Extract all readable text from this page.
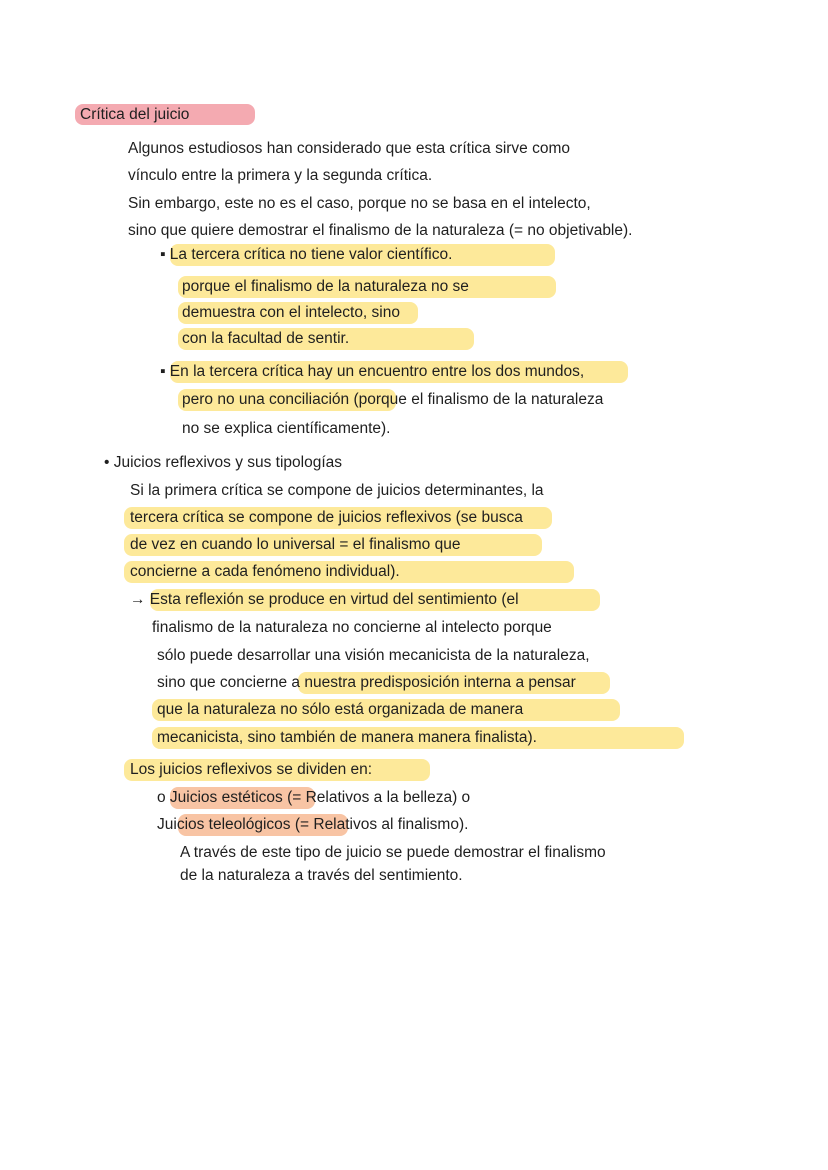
Crítica del juicio
Algunos estudiosos han considerado que esta crítica sirve como
vínculo entre la primera y la segunda crítica.
Sin embargo, este no es el caso, porque no se basa en el intelecto,
sino que quiere demostrar el finalismo de la naturaleza (= no objetivable).
▪ La tercera crítica no tiene valor científico.
porque el finalismo de la naturaleza no se
demuestra con el intelecto, sino
con la facultad de sentir.
▪ En la tercera crítica hay un encuentro entre los dos mundos,
pero no una conciliación (porque el finalismo de la naturaleza
no se explica científicamente).
• Juicios reflexivos y sus tipologías
Si la primera crítica se compone de juicios determinantes, la
tercera crítica se compone de juicios reflexivos (se busca
de vez en cuando lo universal = el finalismo que
concierne a cada fenómeno individual).
→ Esta reflexión se produce en virtud del sentimiento (el
finalismo de la naturaleza no concierne al intelecto porque
sólo puede desarrollar una visión mecanicista de la naturaleza,
sino que concierne a nuestra predisposición interna a pensar
que la naturaleza no sólo está organizada de manera
mecanicista, sino también de manera manera finalista).
Los juicios reflexivos se dividen en:
o Juicios estéticos (= Relativos a la belleza) o
Juicios teleológicos (= Relativos al finalismo).
A través de este tipo de juicio se puede demostrar el finalismo
de la naturaleza a través del sentimiento.
